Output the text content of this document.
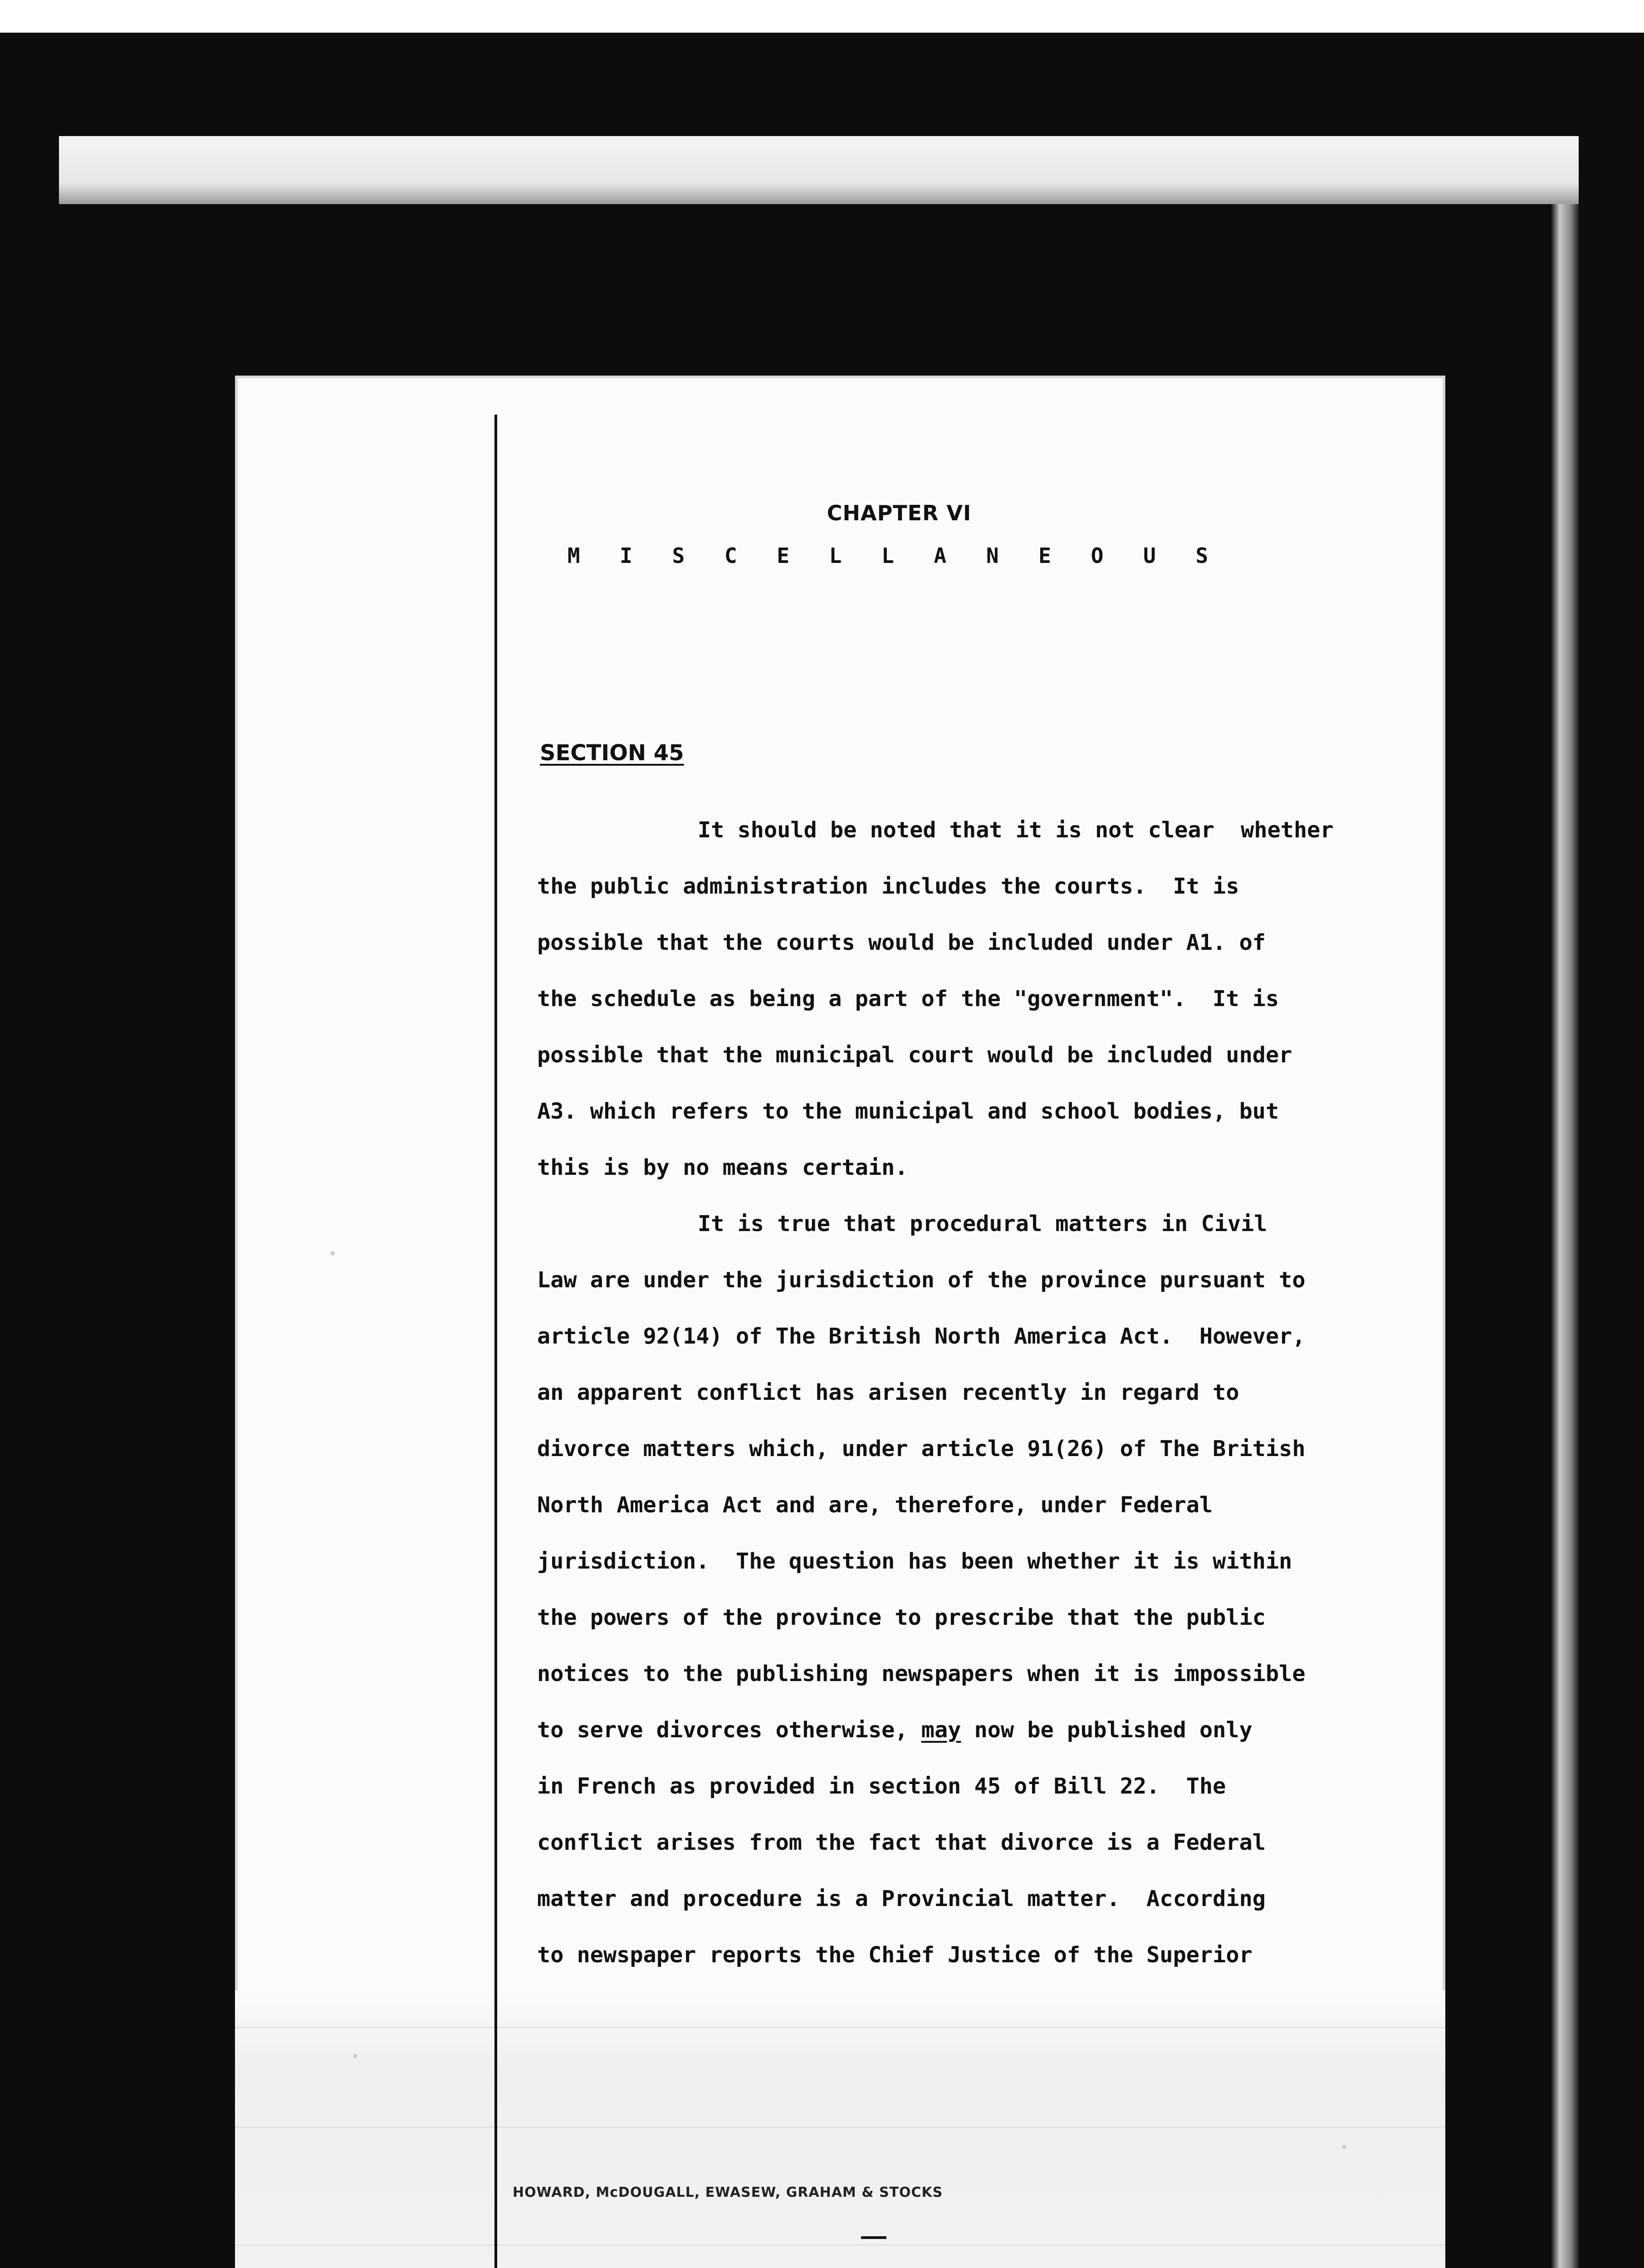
CHAPTER VI
M I S C E L L A N E O U S
SECTION 45
It should be noted that it is not clear  whether
the public administration includes the courts.  It is
possible that the courts would be included under A1. of
the schedule as being a part of the "government".  It is
possible that the municipal court would be included under
A3. which refers to the municipal and school bodies, but
this is by no means certain.
It is true that procedural matters in Civil
Law are under the jurisdiction of the province pursuant to
article 92(14) of The British North America Act.  However,
an apparent conflict has arisen recently in regard to
divorce matters which, under article 91(26) of The British
North America Act and are, therefore, under Federal
jurisdiction.  The question has been whether it is within
the powers of the province to prescribe that the public
notices to the publishing newspapers when it is impossible
to serve divorces otherwise, may now be published only
in French as provided in section 45 of Bill 22.  The
conflict arises from the fact that divorce is a Federal
matter and procedure is a Provincial matter.  According
to newspaper reports the Chief Justice of the Superior
HOWARD, McDOUGALL, EWASEW, GRAHAM & STOCKS
